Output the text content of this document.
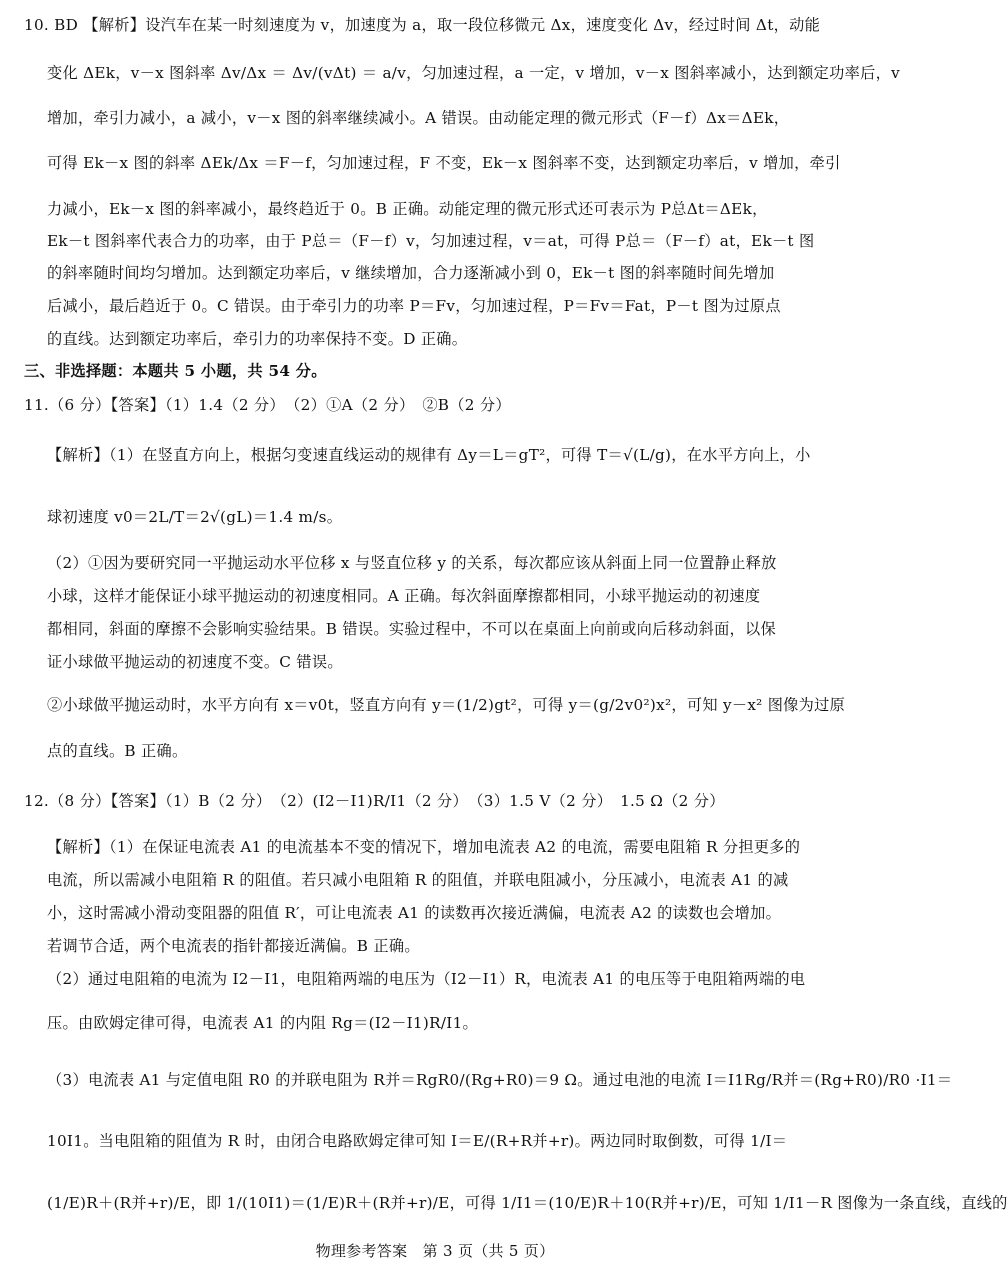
10. BD 【解析】设汽车在某一时刻速度为 v，加速度为 a，取一段位移微元 Δx，速度变化 Δv，经过时间 Δt，动能
变化 ΔEk，v－x 图斜率 Δv/Δx ＝ Δv/(vΔt) ＝ a/v，匀加速过程，a 一定，v 增加，v－x 图斜率减小，达到额定功率后，v
增加，牵引力减小，a 减小，v－x 图的斜率继续减小。A 错误。由动能定理的微元形式（F－f）Δx＝ΔEk，
可得 Ek－x 图的斜率 ΔEk/Δx ＝F－f，匀加速过程，F 不变，Ek－x 图斜率不变，达到额定功率后，v 增加，牵引
力减小，Ek－x 图的斜率减小，最终趋近于 0。B 正确。动能定理的微元形式还可表示为 P总Δt＝ΔEk，
Ek－t 图斜率代表合力的功率，由于 P总＝（F－f）v，匀加速过程，v＝at，可得 P总＝（F－f）at，Ek－t 图
的斜率随时间均匀增加。达到额定功率后，v 继续增加，合力逐渐减小到 0，Ek－t 图的斜率随时间先增加
后减小，最后趋近于 0。C 错误。由于牵引力的功率 P＝Fv，匀加速过程，P＝Fv＝Fat，P－t 图为过原点
的直线。达到额定功率后，牵引力的功率保持不变。D 正确。
三、非选择题：本题共 5 小题，共 54 分。
11.（6 分）【答案】（1）1.4（2 分）　（2）①A（2 分）　②B（2 分）
【解析】（1）在竖直方向上，根据匀变速直线运动的规律有 Δy＝L＝gT²，可得 T＝√(L/g)，在水平方向上，小
球初速度 v0＝2L/T＝2√(gL)＝1.4 m/s。
（2）①因为要研究同一平抛运动水平位移 x 与竖直位移 y 的关系，每次都应该从斜面上同一位置静止释放
小球，这样才能保证小球平抛运动的初速度相同。A 正确。每次斜面摩擦都相同，小球平抛运动的初速度
都相同，斜面的摩擦不会影响实验结果。B 错误。实验过程中，不可以在桌面上向前或向后移动斜面，以保
证小球做平抛运动的初速度不变。C 错误。
②小球做平抛运动时，水平方向有 x＝v0t，竖直方向有 y＝(1/2)gt²，可得 y＝(g/2v0²)x²，可知 y－x² 图像为过原
点的直线。B 正确。
12.（8 分）【答案】（1）B（2 分）　（2）(I2－I1)R/I1（2 分）　（3）1.5 V（2 分）　1.5 Ω（2 分）
【解析】（1）在保证电流表 A1 的电流基本不变的情况下，增加电流表 A2 的电流，需要电阻箱 R 分担更多的
电流，所以需减小电阻箱 R 的阻值。若只减小电阻箱 R 的阻值，并联电阻减小，分压减小，电流表 A1 的减
小，这时需减小滑动变阻器的阻值 R′，可让电流表 A1 的读数再次接近满偏，电流表 A2 的读数也会增加。
若调节合适，两个电流表的指针都接近满偏。B 正确。
（2）通过电阻箱的电流为 I2－I1，电阻箱两端的电压为（I2－I1）R，电流表 A1 的电压等于电阻箱两端的电
压。由欧姆定律可得，电流表 A1 的内阻 Rg＝(I2－I1)R/I1。
（3）电流表 A1 与定值电阻 R0 的并联电阻为 R并＝RgR0/(Rg+R0)＝9 Ω。通过电池的电流 I＝I1Rg/R并＝(Rg+R0)/R0 ·I1＝
10I1。当电阻箱的阻值为 R 时，由闭合电路欧姆定律可知 I＝E/(R+R并+r)。两边同时取倒数，可得 1/I＝
(1/E)R＋(R并+r)/E，即 1/(10I1)＝(1/E)R＋(R并+r)/E，可得 1/I1＝(10/E)R＋10(R并+r)/E，可知 1/I1－R 图像为一条直线，直线的
物理参考答案　第 3 页（共 5 页）
